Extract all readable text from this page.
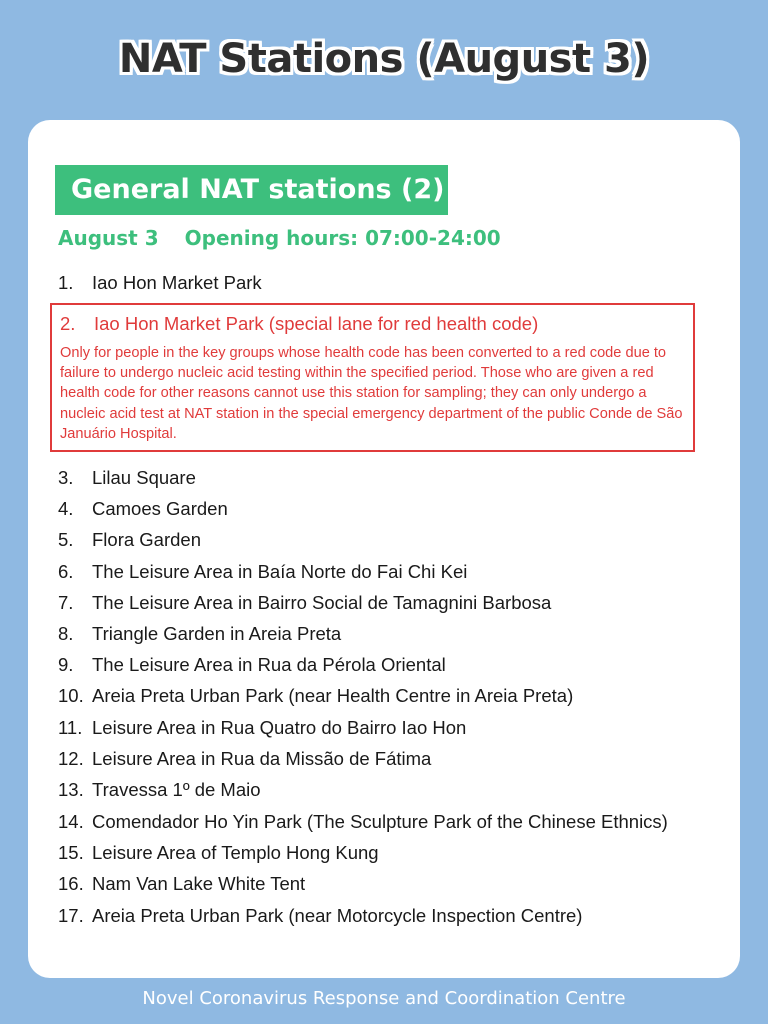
NAT Stations (August 3)
General NAT stations (2)
August 3 Opening hours: 07:00-24:00
1. Iao Hon Market Park
2. Iao Hon Market Park (special lane for red health code)
Only for people in the key groups whose health code has been converted to a red code due to failure to undergo nucleic acid testing within the specified period. Those who are given a red health code for other reasons cannot use this station for sampling; they can only undergo a nucleic acid test at NAT station in the special emergency department of the public Conde de São Januário Hospital.
3. Lilau Square
4. Camoes Garden
5. Flora Garden
6. The Leisure Area in Baía Norte do Fai Chi Kei
7. The Leisure Area in Bairro Social de Tamagnini Barbosa
8. Triangle Garden in Areia Preta
9. The Leisure Area in Rua da Pérola Oriental
10. Areia Preta Urban Park (near Health Centre in Areia Preta)
11. Leisure Area in Rua Quatro do Bairro Iao Hon
12. Leisure Area in Rua da Missão de Fátima
13. Travessa 1º de Maio
14. Comendador Ho Yin Park (The Sculpture Park of the Chinese Ethnics)
15. Leisure Area of Templo Hong Kung
16. Nam Van Lake White Tent
17. Areia Preta Urban Park (near Motorcycle Inspection Centre)
Novel Coronavirus Response and Coordination Centre
